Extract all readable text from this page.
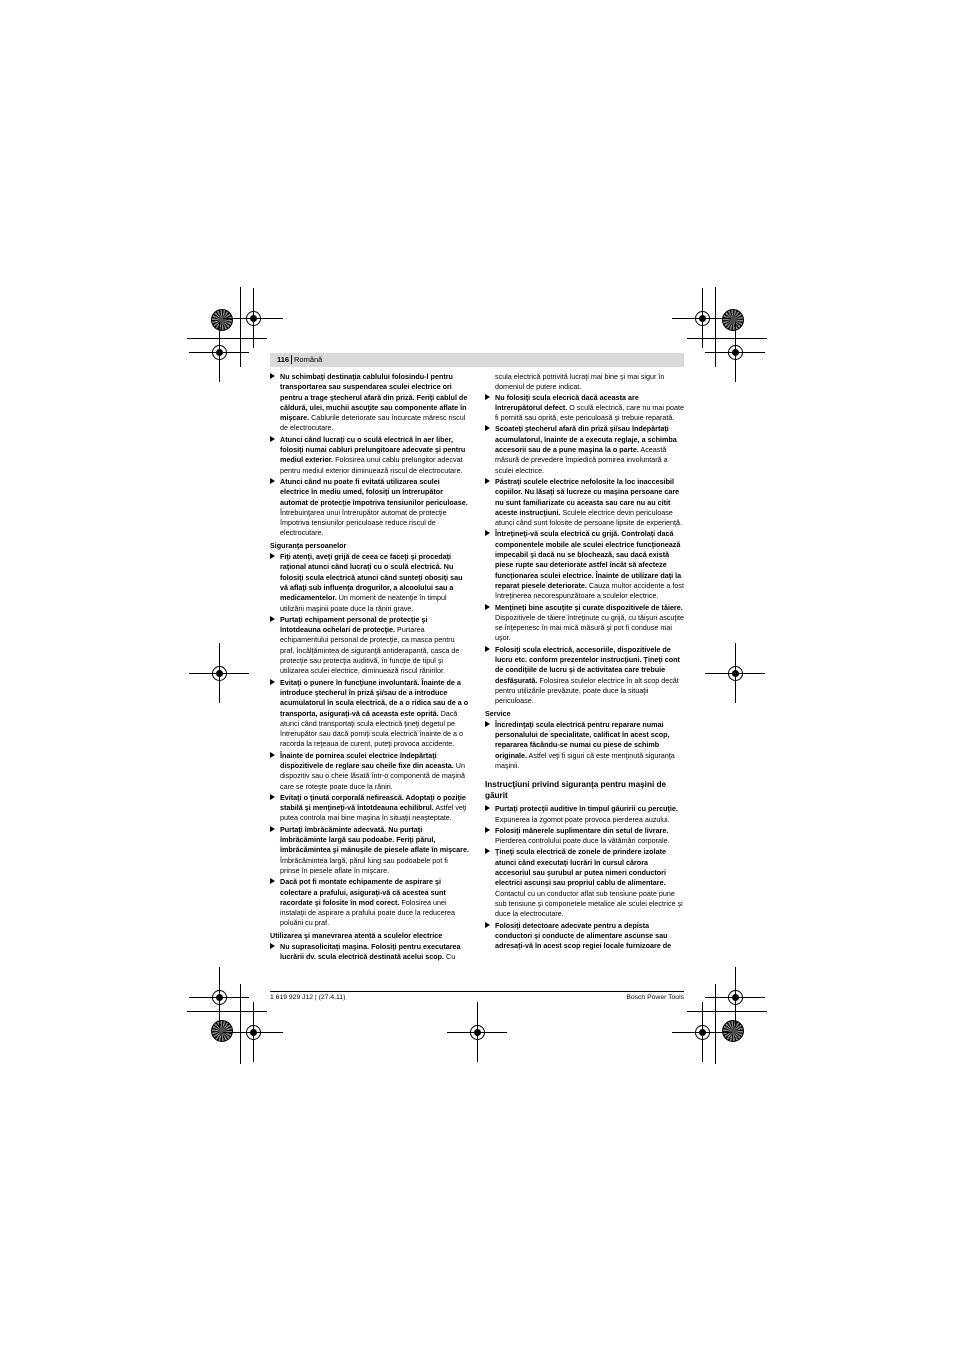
116 Română
Nu schimbaţi destinaţia cablului folosindu-l pentru transportarea sau suspendarea sculei electrice ori pentru a trage ştecherul afară din priză. Feriţi cablul de căldură, ulei, muchii ascuţite sau componente aflate în mişcare. Cablurile deteriorate sau încurcate măresc riscul de electrocutare.
Atunci când lucraţi cu o sculă electrică în aer liber, folosiţi numai cabluri prelungitoare adecvate şi pentru mediul exterior. Folosirea unui cablu prelungitor adecvat pentru mediul exterior diminuează riscul de electrocutare.
Atunci când nu poate fi evitată utilizarea sculei electrice în mediu umed, folosiţi un întrerupător automat de protecţie împotriva tensiunilor periculoase. Întrebuinţarea unui întrerupător automat de protecţie împotriva tensiunilor periculoase reduce riscul de electrocutare.
Siguranţa persoanelor
Fiţi atenţi, aveţi grijă de ceea ce faceţi şi procedaţi raţional atunci când lucraţi cu o sculă electrică. Nu folosiţi scula electrică atunci când sunteţi obosiţi sau vă aflaţi sub influenţa drogurilor, a alcoolului sau a medicamentelor. Un moment de neatenţie în timpul utilizării maşinii poate duce la răniri grave.
Purtaţi echipament personal de protecţie şi întotdeauna ochelari de protecţie. Purtarea echipamentului personal de protecţie, ca masca pentru praf, încălţămintea de siguranţă antiderapantă, casca de protecţie sau protecţia auditivă, în funcţie de tipul şi utilizarea sculei electrice, diminuează riscul rănirilor.
Evitaţi o punere în funcţiune involuntară. Înainte de a introduce ştecherul în priză şi/sau de a introduce acumulatorul în scula electrică, de a o ridica sau de a o transporta, asiguraţi-vă că aceasta este oprită. Dacă atunci când transportaţi scula electrică ţineţi degetul pe întrerupător sau dacă porniţi scula electrică înainte de a o racorda la reţeaua de curent, puteţi provoca accidente.
Înainte de pornirea sculei electrice îndepărtaţi dispozitivele de reglare sau cheile fixe din aceasta. Un dispozitiv sau o cheie lăsată într-o componentă de maşină care se roteşte poate duce la răniri.
Evitaţi o ţinută corporală nefirească. Adoptaţi o poziţie stabilă şi menţineţi-vă întotdeauna echilibrul. Astfel veţi putea controla mai bine maşina în situaţii neaşteptate.
Purtaţi îmbrăcăminte adecvată. Nu purtaţi îmbrăcăminte largă sau podoabe. Feriţi părul, îmbrăcămintea şi mănuşile de piesele aflate în mişcare. Îmbrăcămintea largă, părul lung sau podoabele pot fi prinse în piesele aflate în mişcare.
Dacă pot fi montate echipamente de aspirare şi colectare a prafului, asiguraţi-vă că acestea sunt racordate şi folosite în mod corect. Folosirea unei instalaţii de aspirare a prafului poate duce la reducerea poluării cu praf.
Utilizarea şi manevrarea atentă a sculelor electrice
Nu suprasolicitaţi maşina. Folosiţi pentru executarea lucrării dv. scula electrică destinată acelui scop. Cu
scula electrică potrivită lucraţi mai bine şi mai sigur în domeniul de putere indicat.
Nu folosiţi scula elecrică dacă aceasta are întrerupătorul defect. O sculă electrică, care nu mai poate fi pornită sau oprită, este periculoasă şi trebuie reparată.
Scoateţi ştecherul afară din priză şi/sau îndepărtaţi acumulatorul, înainte de a executa reglaje, a schimba accesorii sau de a pune maşina la o parte. Această măsură de prevedere împiedică pornirea involuntară a sculei electrice.
Păstraţi sculele electrice nefolosite la loc inaccesibil copiilor. Nu lăsaţi să lucreze cu maşina persoane care nu sunt familiarizate cu aceasta sau care nu au citit aceste instrucţiuni. Sculele electrice devin periculoase atunci când sunt folosite de persoane lipsite de experienţă.
Întreţineţi-vă scula electrică cu grijă. Controlaţi dacă componentele mobile ale sculei electrice funcţionează impecabil şi dacă nu se blochează, sau dacă există piese rupte sau deteriorate astfel încât să afecteze funcţionarea sculei electrice. Înainte de utilizare daţi la reparat piesele deteriorate. Cauza multor accidente a fost întreţinerea necorespunzătoare a sculelor electrice.
Menţineţi bine ascuţite şi curate dispozitivele de tăiere. Dispozitivele de tăiere întreţinute cu grijă, cu tăişuri ascuţite se înţepenesc în mai mică măsură şi pot fi conduse mai uşor.
Folosiţi scula electrică, accesoriile, dispozitivele de lucru etc. conform prezentelor instrucţiuni. Ţineţi cont de condiţiile de lucru şi de activitatea care trebuie desfăşurată. Folosirea sculelor electrice în alt scop decât pentru utilizările prevăzute, poate duce la situaţii periculoase.
Service
Încredinţaţi scula electrică pentru reparare numai personalului de specialitate, calificat în acest scop, repararea făcându-se numai cu piese de schimb originale. Astfel veţi fi siguri că este menţinută siguranţa maşinii.
Instrucţiuni privind siguranţa pentru maşini de găurit
Purtaţi protecţii auditive în timpul găuririi cu percuţie. Expunerea la zgomot poate provoca pierderea auzului.
Folosiţi mânerele suplimentare din setul de livrare. Pierderea controlului poate duce la vătămări corporale.
Ţineţi scula electrică de zonele de prindere izolate atunci când executaţi lucrări în cursul cărora accesoriul sau şurubul ar putea nimeri conductori electrici ascunşi sau propriul cablu de alimentare. Contactul cu un conductor aflat sub tensiune poate pune sub tensiune şi componetele metalice ale sculei electrice şi duce la electrocutare.
Folosiţi detectoare adecvate pentru a depista conductori şi conducte de alimentare ascunse sau adresaţi-vă în acest scop regiei locale furnizoare de
1 619 929 J12 | (27.4.11)	Bosch Power Tools
